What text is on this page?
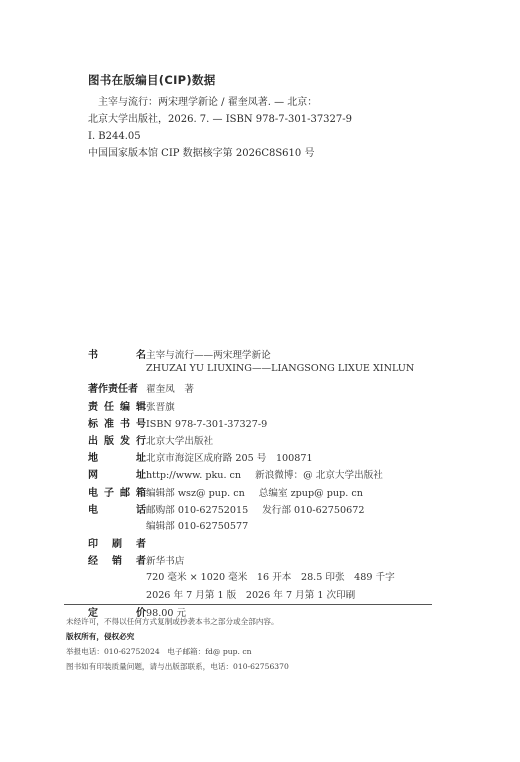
图书在版编目(CIP)数据
主宰与流行：两宋理学新论 / 翟奎凤著. — 北京：
北京大学出版社，2026. 7. — ISBN 978-7-301-37327-9
Ⅰ. B244.05
中国国家版本馆 CIP 数据核字第 2026C8S610 号
书	名 主宰与流行——两宋理学新论
ZHUZAI YU LIUXING——LIANGSONG LIXUE XINLUN
著作责任者 翟奎凤　著
责 任 编 辑 张晋旗
标 准 书 号 ISBN 978-7-301-37327-9
出 版 发 行 北京大学出版社
地	址 北京市海淀区成府路 205 号　100871
网	址 http://www. pku. cn 新浪微博：@ 北京大学出版社
电 子 邮 箱 编辑部 wsz@ pup. cn 总编室 zpup@ pup. cn
电	话 邮购部 010-62752015 发行部 010-62750672
编辑部 010-62750577
印 刷 者
经 销 者 新华书店
720 毫米 × 1020 毫米　16 开本　28.5 印张　489 千字
2026 年 7 月第 1 版　2026 年 7 月第 1 次印刷
定	价 98.00 元
未经许可，不得以任何方式复制或抄袭本书之部分或全部内容。
版权所有，侵权必究
举报电话：010-62752024　电子邮箱：fd@ pup. cn
图书如有印装质量问题，请与出版部联系，电话：010-62756370
